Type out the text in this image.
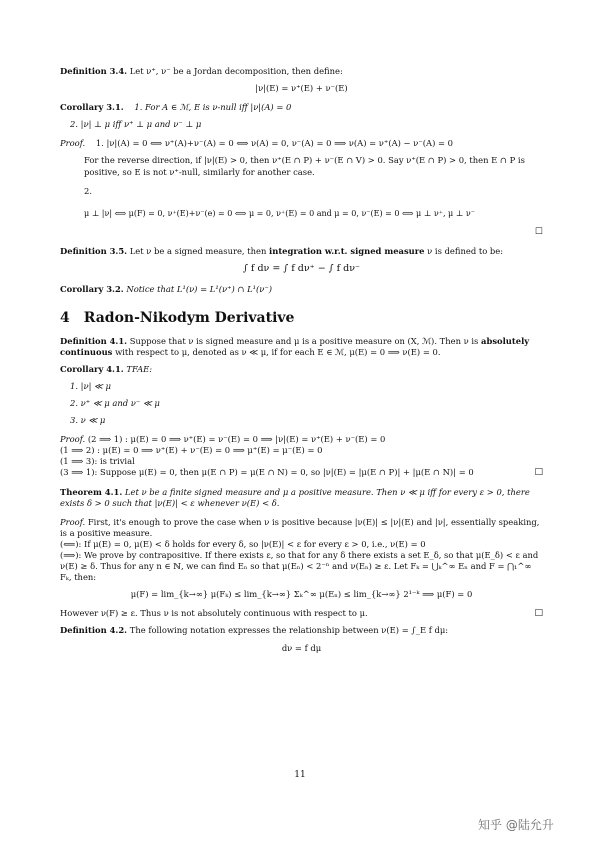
Definition 3.4. Let ν⁺, ν⁻ be a Jordan decomposition, then define:

|ν|(E) = ν⁺(E) + ν⁻(E)

Corollary 3.1. 1. For A ∈ ℳ, E is ν-null iff |ν|(A) = 0

2. |ν| ⊥ μ iff ν⁺ ⊥ μ and ν⁻ ⊥ μ

Proof. 1. |ν|(A) = 0 ⟺ ν⁺(A)+ν⁻(A) = 0 ⟺ ν(A) = 0, ν⁻(A) = 0 ⟹ ν(A) = ν⁺(A) − ν⁻(A) = 0

For the reverse direction, if |ν|(E) > 0, then ν⁺(E ∩ P) + ν⁻(E ∩ V) > 0. Say ν⁺(E ∩ P) > 0, then E ∩ P is positive, so E is not ν⁺-null, similarly for another case.

2.

μ ⊥ |ν| ⟺ μ(F) = 0, ν⁺(E)+ν⁻(e) = 0 ⟺ μ = 0, ν⁺(E) = 0 and μ = 0, ν⁻(E) = 0 ⟺ μ ⊥ ν⁺, μ ⊥ ν⁻

□

Definition 3.5. Let ν be a signed measure, then integration w.r.t. signed measure ν is defined to be:

∫ f dν = ∫ f dν⁺ − ∫ f dν⁻

Corollary 3.2. Notice that L¹(ν) = L¹(ν⁺) ∩ L¹(ν⁻)

4 Radon-Nikodym Derivative

Definition 4.1. Suppose that ν is signed measure and μ is a positive measure on (X, ℳ). Then ν is absolutely continuous with respect to μ, denoted as ν ≪ μ, if for each E ∈ ℳ, μ(E) = 0 ⟹ ν(E) = 0.

Corollary 4.1. TFAE:

1. |ν| ≪ μ

2. ν⁺ ≪ μ and ν⁻ ≪ μ

3. ν ≪ μ

Proof. (2 ⟹ 1) : μ(E) = 0 ⟹ ν⁺(E) = ν⁻(E) = 0 ⟹ |ν|(E) = ν⁺(E) + ν⁻(E) = 0

(1 ⟹ 2) : μ(E) = 0 ⟹ ν⁺(E) + ν⁻(E) = 0 ⟹ μ⁺(E) = μ⁻(E) = 0

(1 ⟹ 3): is trivial

(3 ⟹ 1): Suppose μ(E) = 0, then μ(E ∩ P) = μ(E ∩ N) = 0, so |ν|(E) = |μ(E ∩ P)| + |μ(E ∩ N)| = 0	□

Theorem 4.1. Let ν be a finite signed measure and μ a positive measure. Then ν ≪ μ iff for every ε > 0, there exists δ > 0 such that |ν(E)| < ε whenever ν(E) < δ.

Proof. First, it's enough to prove the case when ν is positive because |ν(E)| ≤ |ν|(E) and |ν|, essentially speaking, is a positive measure.

(⟸): If μ(E) = 0, μ(E) < δ holds for every δ, so |ν(E)| < ε for every ε > 0, i.e., ν(E) = 0

(⟹): We prove by contrapositive. If there exists ε, so that for any δ there exists a set E_δ, so that μ(E_δ) < ε and ν(E) ≥ δ. Thus for any n ∈ ℕ, we can find Eₙ so that μ(Eₙ) < 2⁻ⁿ and ν(Eₙ) ≥ ε. Let Fₖ = ⋃ₖ^∞ Eₙ and F = ⋂₁^∞ Fₖ, then:

μ(F) = lim_{k→∞} μ(Fₖ) ≤ lim_{k→∞} Σₖ^∞ μ(Eₙ) ≤ lim_{k→∞} 2¹⁻ᵏ ⟹ μ(F) = 0

However ν(F) ≥ ε. Thus ν is not absolutely continuous with respect to μ.	□

Definition 4.2. The following notation expresses the relationship between ν(E) = ∫_E f dμ:

dν = f dμ

11
知乎 @陆允升
